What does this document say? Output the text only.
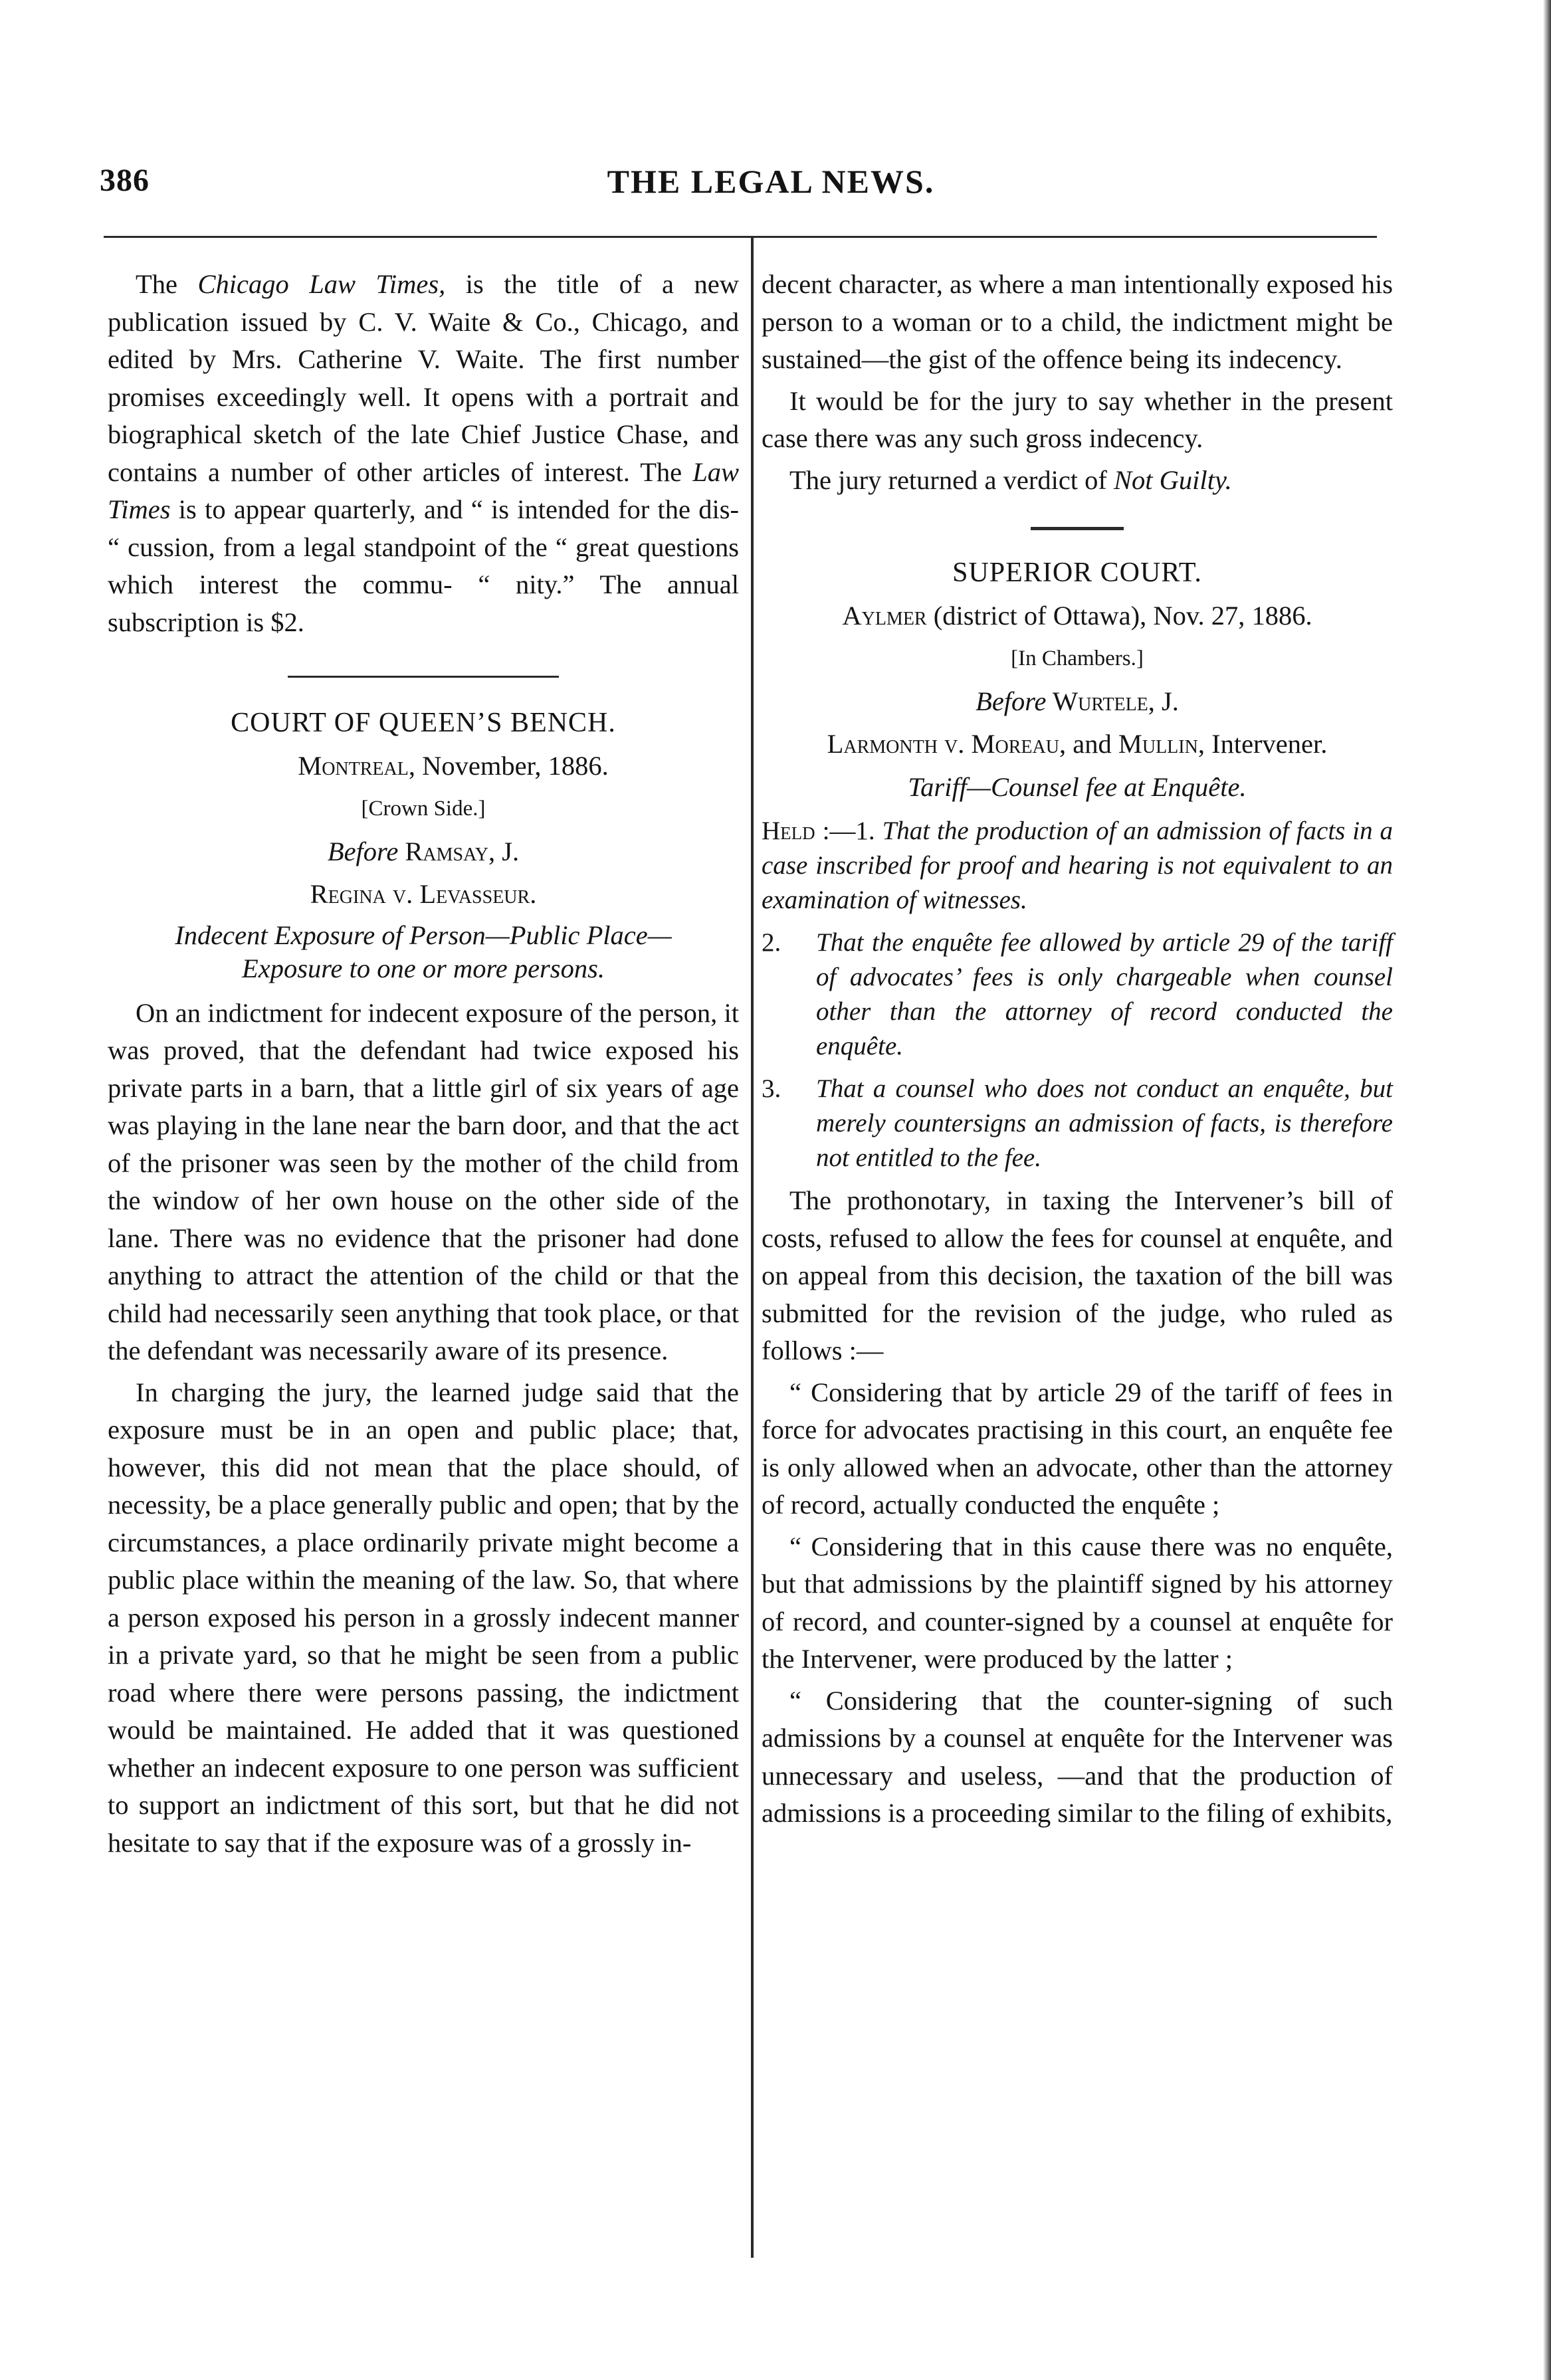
386	THE LEGAL NEWS.

The Chicago Law Times, is the title of a new publication issued by C. V. Waite & Co., Chicago, and edited by Mrs. Catherine V. Waite. The first number promises exceedingly well. It opens with a portrait and biographical sketch of the late Chief Justice Chase, and contains a number of other articles of interest. The Law Times is to appear quarterly, and “ is intended for the dis- “ cussion, from a legal standpoint of the “ great questions which interest the commu- “ nity.” The annual subscription is $2.

COURT OF QUEEN’S BENCH.

Montreal, November, 1886.

[Crown Side.]

Before Ramsay, J.

Regina v. Levasseur.

Indecent Exposure of Person—Public Place—
Exposure to one or more persons.

On an indictment for indecent exposure of the person, it was proved, that the defendant had twice exposed his private parts in a barn, that a little girl of six years of age was playing in the lane near the barn door, and that the act of the prisoner was seen by the mother of the child from the window of her own house on the other side of the lane. There was no evidence that the prisoner had done anything to attract the attention of the child or that the child had necessarily seen anything that took place, or that the defendant was necessarily aware of its presence.

In charging the jury, the learned judge said that the exposure must be in an open and public place; that, however, this did not mean that the place should, of necessity, be a place generally public and open; that by the circumstances, a place ordinarily private might become a public place within the meaning of the law. So, that where a person exposed his person in a grossly indecent manner in a private yard, so that he might be seen from a public road where there were persons passing, the indictment would be maintained. He added that it was questioned whether an indecent exposure to one person was sufficient to support an indictment of this sort, but that he did not hesitate to say that if the exposure was of a grossly in-

decent character, as where a man intentionally exposed his person to a woman or to a child, the indictment might be sustained—the gist of the offence being its indecency.

It would be for the jury to say whether in the present case there was any such gross indecency.

The jury returned a verdict of Not Guilty.

SUPERIOR COURT.

Aylmer (district of Ottawa), Nov. 27, 1886.

[In Chambers.]

Before Wurtele, J.

Larmonth v. Moreau, and Mullin, Intervener.

Tariff—Counsel fee at Enquête.

Held :—1. That the production of an admission of facts in a case inscribed for proof and hearing is not equivalent to an examination of witnesses.
2.	That the enquête fee allowed by article 29 of the tariff of advocates’ fees is only chargeable when counsel other than the attorney of record conducted the enquête.
3.	That a counsel who does not conduct an enquête, but merely countersigns an admission of facts, is therefore not entitled to the fee.

The prothonotary, in taxing the Intervener’s bill of costs, refused to allow the fees for counsel at enquête, and on appeal from this decision, the taxation of the bill was submitted for the revision of the judge, who ruled as follows :—

“ Considering that by article 29 of the tariff of fees in force for advocates practising in this court, an enquête fee is only allowed when an advocate, other than the attorney of record, actually conducted the enquête ;

“ Considering that in this cause there was no enquête, but that admissions by the plaintiff signed by his attorney of record, and counter-signed by a counsel at enquête for the Intervener, were produced by the latter ;

“ Considering that the counter-signing of such admissions by a counsel at enquête for the Intervener was unnecessary and useless, —and that the production of admissions is a proceeding similar to the filing of exhibits,
